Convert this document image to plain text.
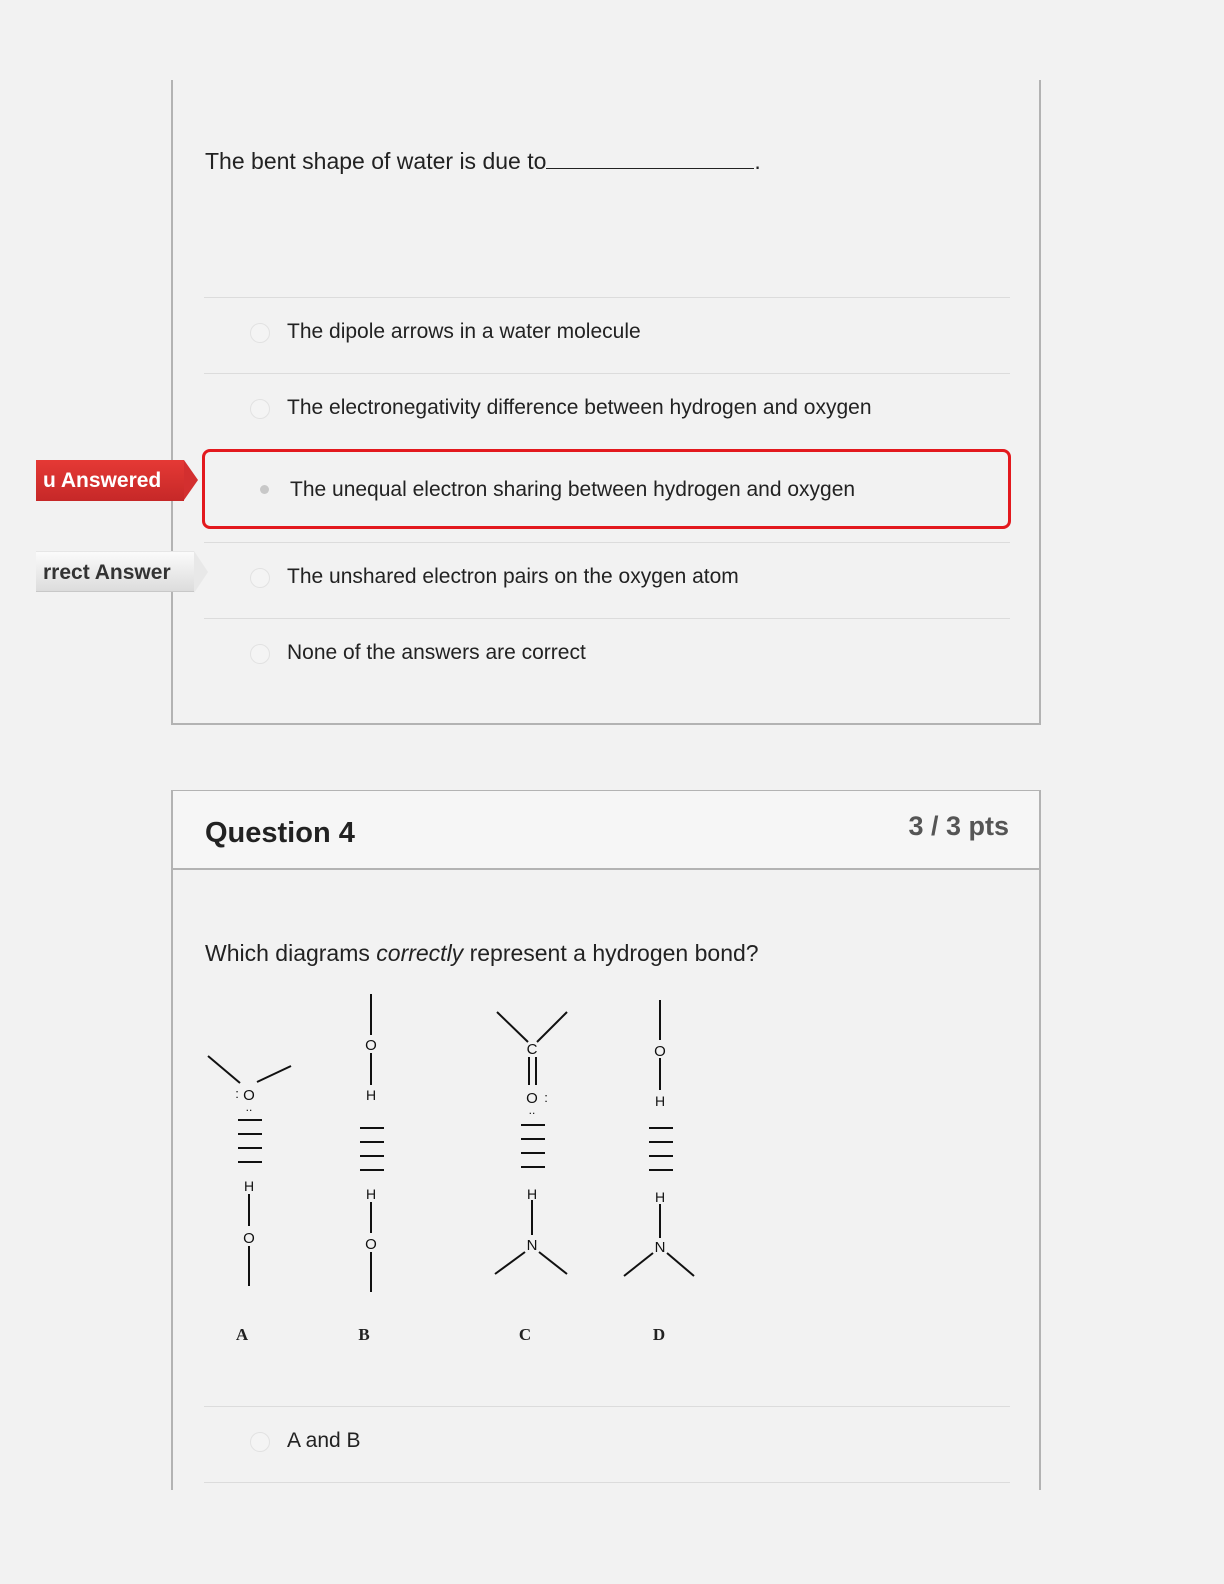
The bent shape of water is due to	.
The dipole arrows in a water molecule
The electronegativity difference between hydrogen and oxygen
The unequal electron sharing between hydrogen and oxygen
The unshared electron pairs on the oxygen atom
None of the answers are correct
u Answered
rrect Answer
Question 4	3 / 3 pts
Which diagrams correctly represent a hydrogen bond?
O
:
..
H
O
O
H
H
O
C
O :
..
H
N
O
H
H
N
A	B	C	D
A and B
